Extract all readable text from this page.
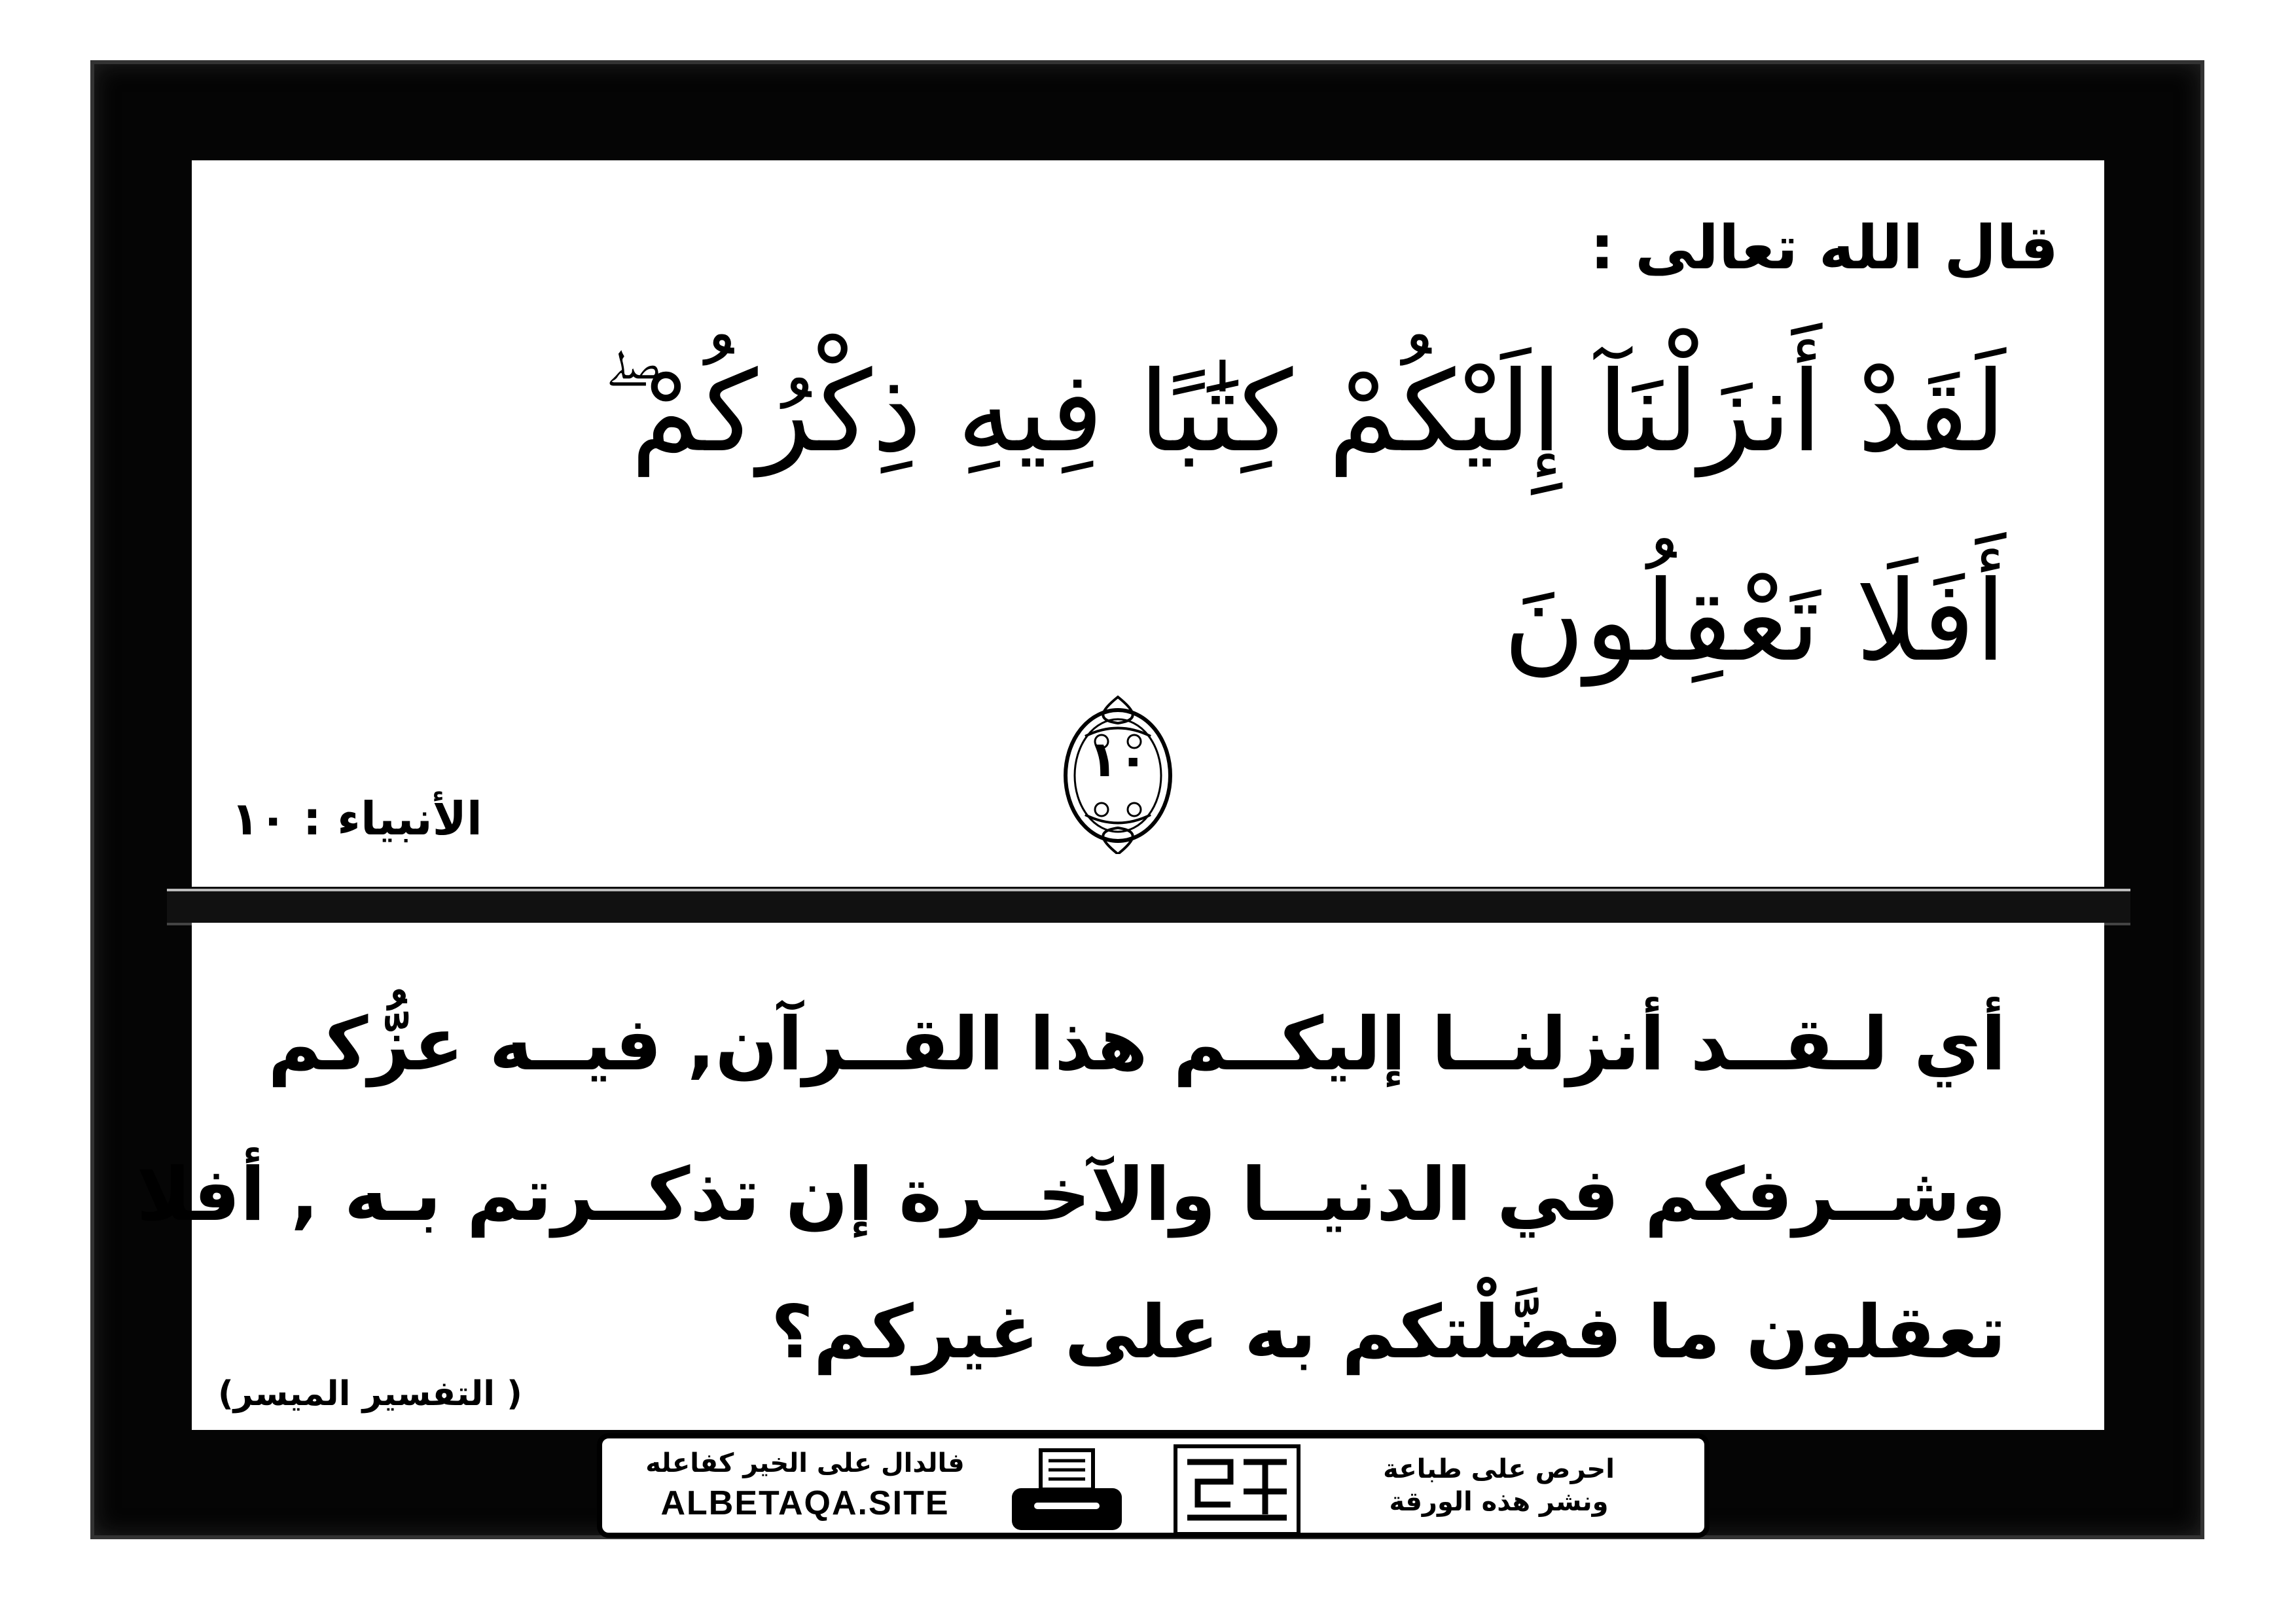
قال الله تعالى :
لَقَدْ أَنزَلْنَآ إِلَيْكُمْ كِتَٰبًا فِيهِ ذِكْرُكُمْ ۖ
أَفَلَا تَعْقِلُونَ
١٠
الأنبياء : ١٠
أي لـقــد أنزلنــا إليكــم هذا القــرآن, فيــه عزُّكم
وشــرفكم في الدنيــا والآخــرة إن تذكــرتم بـه , أفلا
تعقلون ما فضَّلْتكم به على غيركم؟
( التفسير الميسر)
فالدال على الخير كفاعله
ALBETAQA.SITE
دعوة الورقة
احرص على طباعة
ونشر هذه الورقة
